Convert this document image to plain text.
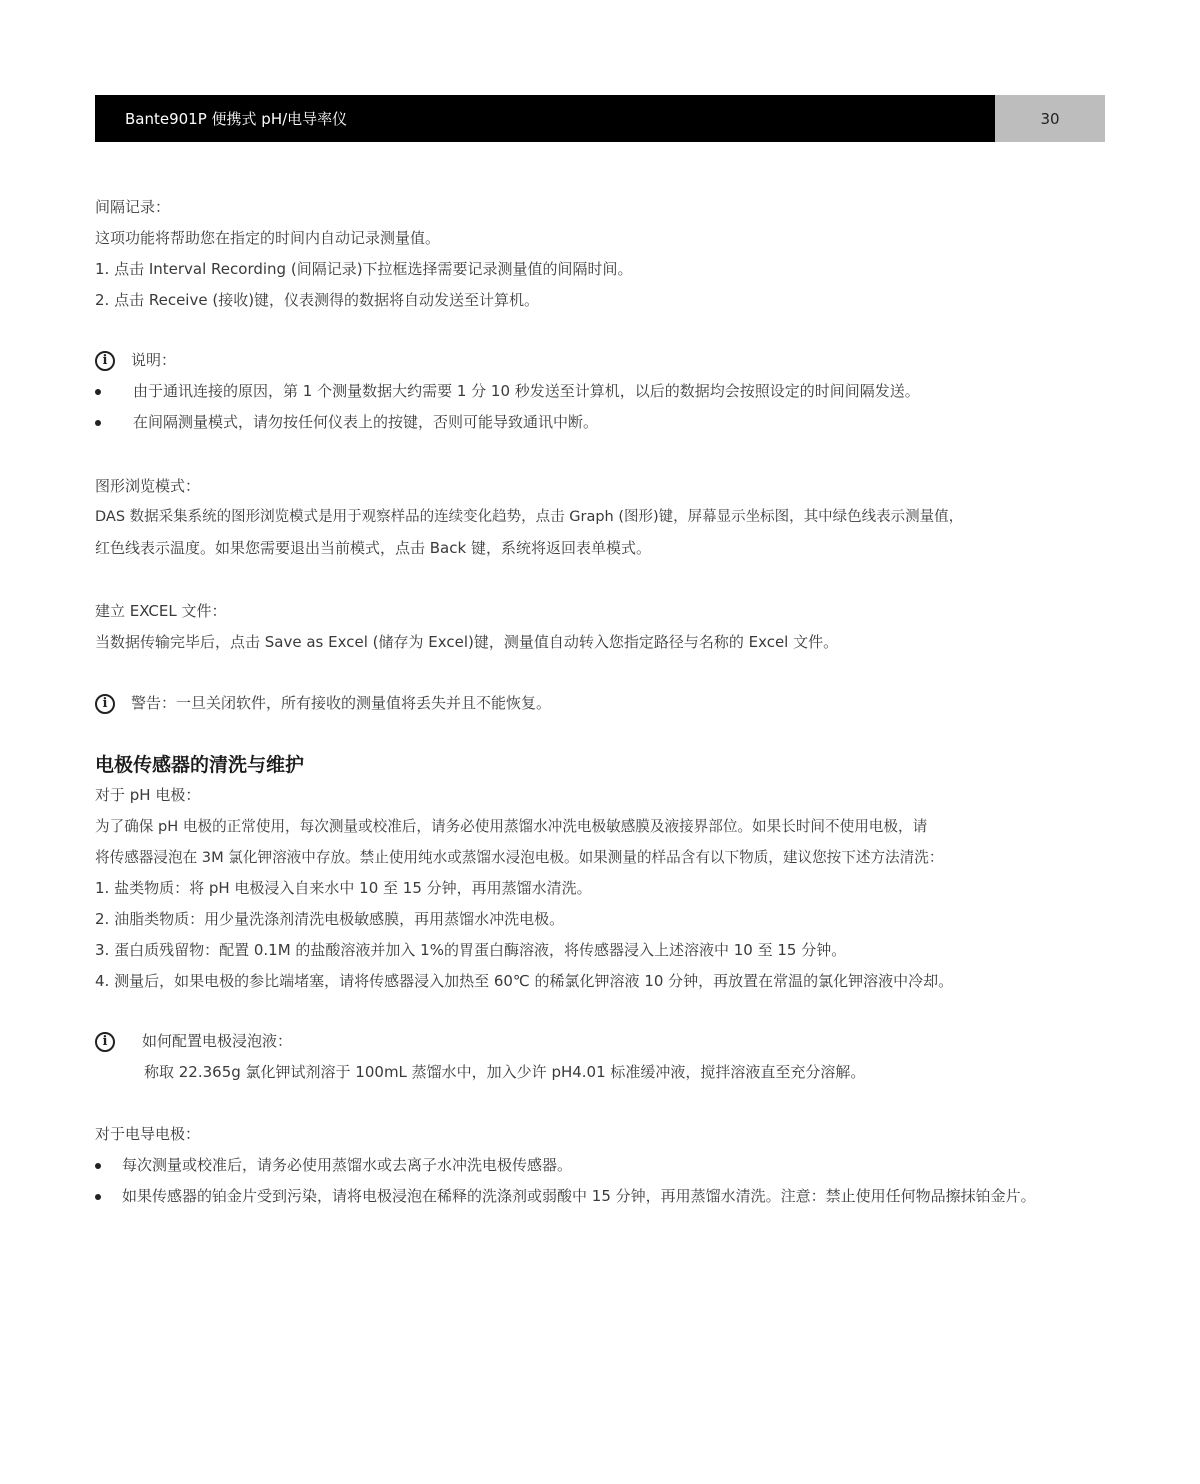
Bante901P 便携式 pH/电导率仪	30
间隔记录：
这项功能将帮助您在指定的时间内自动记录测量值。
1. 点击 Interval Recording (间隔记录)下拉框选择需要记录测量值的间隔时间。
2. 点击 Receive (接收)键，仪表测得的数据将自动发送至计算机。
i	说明：
由于通讯连接的原因，第 1 个测量数据大约需要 1 分 10 秒发送至计算机，以后的数据均会按照设定的时间间隔发送。
在间隔测量模式，请勿按任何仪表上的按键，否则可能导致通讯中断。
图形浏览模式：
DAS 数据采集系统的图形浏览模式是用于观察样品的连续变化趋势，点击 Graph (图形)键，屏幕显示坐标图，其中绿色线表示测量值，
红色线表示温度。如果您需要退出当前模式，点击 Back 键，系统将返回表单模式。
建立 EXCEL 文件：
当数据传输完毕后，点击 Save as Excel (储存为 Excel)键，测量值自动转入您指定路径与名称的 Excel 文件。
i	警告：一旦关闭软件，所有接收的测量值将丢失并且不能恢复。
电极传感器的清洗与维护
对于 pH 电极：
为了确保 pH 电极的正常使用，每次测量或校准后，请务必使用蒸馏水冲洗电极敏感膜及液接界部位。如果长时间不使用电极，请
将传感器浸泡在 3M 氯化钾溶液中存放。禁止使用纯水或蒸馏水浸泡电极。如果测量的样品含有以下物质，建议您按下述方法清洗：
1. 盐类物质：将 pH 电极浸入自来水中 10 至 15 分钟，再用蒸馏水清洗。
2. 油脂类物质：用少量洗涤剂清洗电极敏感膜，再用蒸馏水冲洗电极。
3. 蛋白质残留物：配置 0.1M 的盐酸溶液并加入 1%的胃蛋白酶溶液，将传感器浸入上述溶液中 10 至 15 分钟。
4. 测量后，如果电极的参比端堵塞，请将传感器浸入加热至 60℃ 的稀氯化钾溶液 10 分钟，再放置在常温的氯化钾溶液中冷却。
i	如何配置电极浸泡液：
称取 22.365g 氯化钾试剂溶于 100mL 蒸馏水中，加入少许 pH4.01 标准缓冲液，搅拌溶液直至充分溶解。
对于电导电极：
每次测量或校准后，请务必使用蒸馏水或去离子水冲洗电极传感器。
如果传感器的铂金片受到污染，请将电极浸泡在稀释的洗涤剂或弱酸中 15 分钟，再用蒸馏水清洗。注意：禁止使用任何物品擦抹铂金片。
